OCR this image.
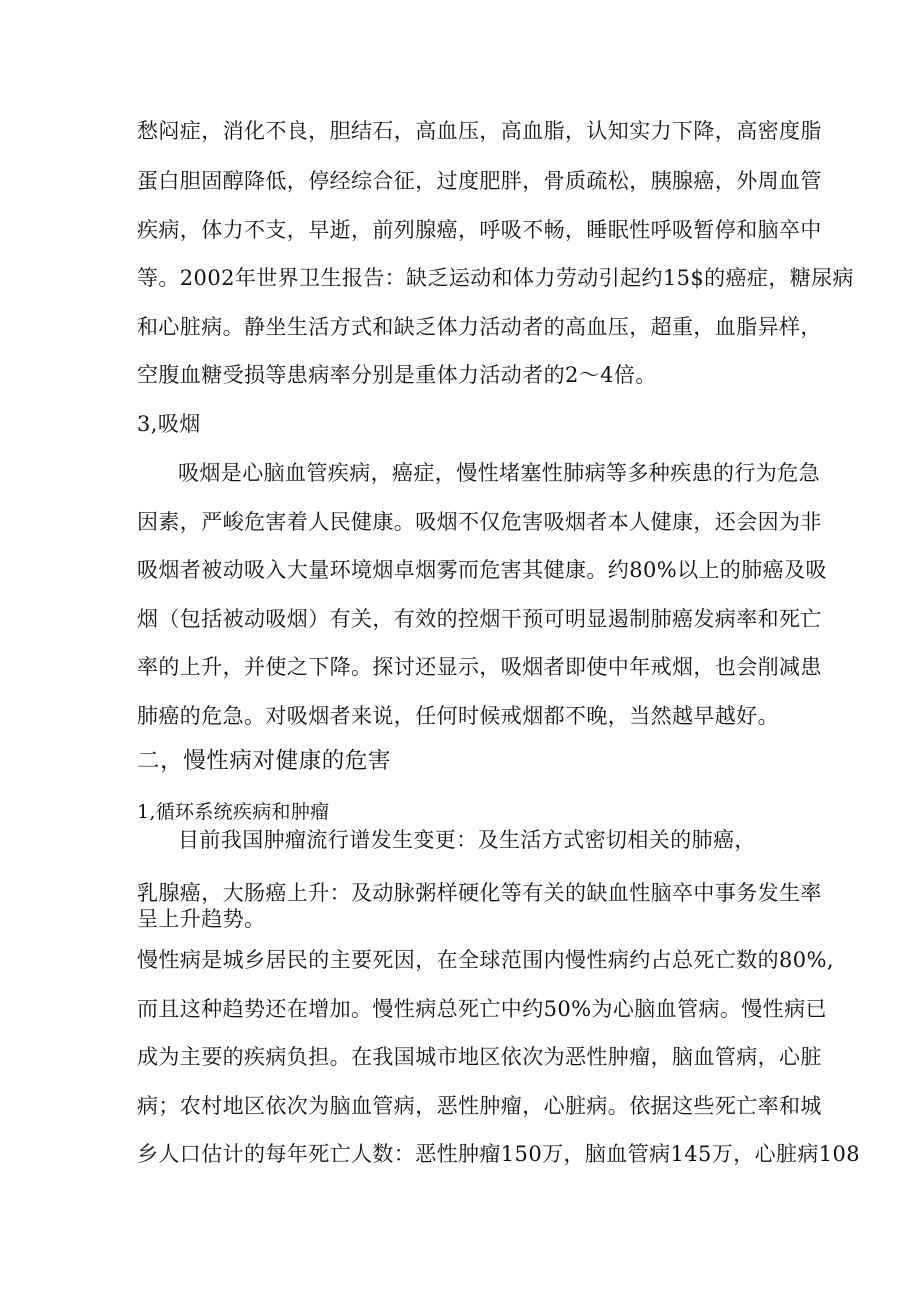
愁闷症，消化不良，胆结石，高血压，高血脂，认知实力下降，高密度脂
蛋白胆固醇降低，停经综合征，过度肥胖，骨质疏松，胰腺癌，外周血管
疾病，体力不支，早逝，前列腺癌，呼吸不畅，睡眠性呼吸暂停和脑卒中
等。2002年世界卫生报告：缺乏运动和体力劳动引起约15$的癌症，糖尿病
和心脏病。静坐生活方式和缺乏体力活动者的高血压，超重，血脂异样，
空腹血糖受损等患病率分别是重体力活动者的2〜4倍。
3,吸烟
吸烟是心脑血管疾病，癌症，慢性堵塞性肺病等多种疾患的行为危急
因素，严峻危害着人民健康。吸烟不仅危害吸烟者本人健康，还会因为非
吸烟者被动吸入大量环境烟卓烟雾而危害其健康。约80%以上的肺癌及吸
烟（包括被动吸烟）有关，有效的控烟干预可明显遏制肺癌发病率和死亡
率的上升，并使之下降。探讨还显示，吸烟者即使中年戒烟，也会削减患
肺癌的危急。对吸烟者来说，任何时候戒烟都不晚，当然越早越好。
二，慢性病对健康的危害
1,循环系统疾病和肿瘤
目前我国肿瘤流行谱发生变更：及生活方式密切相关的肺癌，
乳腺癌，大肠癌上升：及动脉粥样硬化等有关的缺血性脑卒中事务发生率
呈上升趋势。
慢性病是城乡居民的主要死因，在全球范围内慢性病约占总死亡数的80%,
而且这种趋势还在增加。慢性病总死亡中约50%为心脑血管病。慢性病已
成为主要的疾病负担。在我国城市地区依次为恶性肿瘤，脑血管病，心脏
病；农村地区依次为脑血管病，恶性肿瘤，心脏病。依据这些死亡率和城
乡人口估计的每年死亡人数：恶性肿瘤150万，脑血管病145万，心脏病108
